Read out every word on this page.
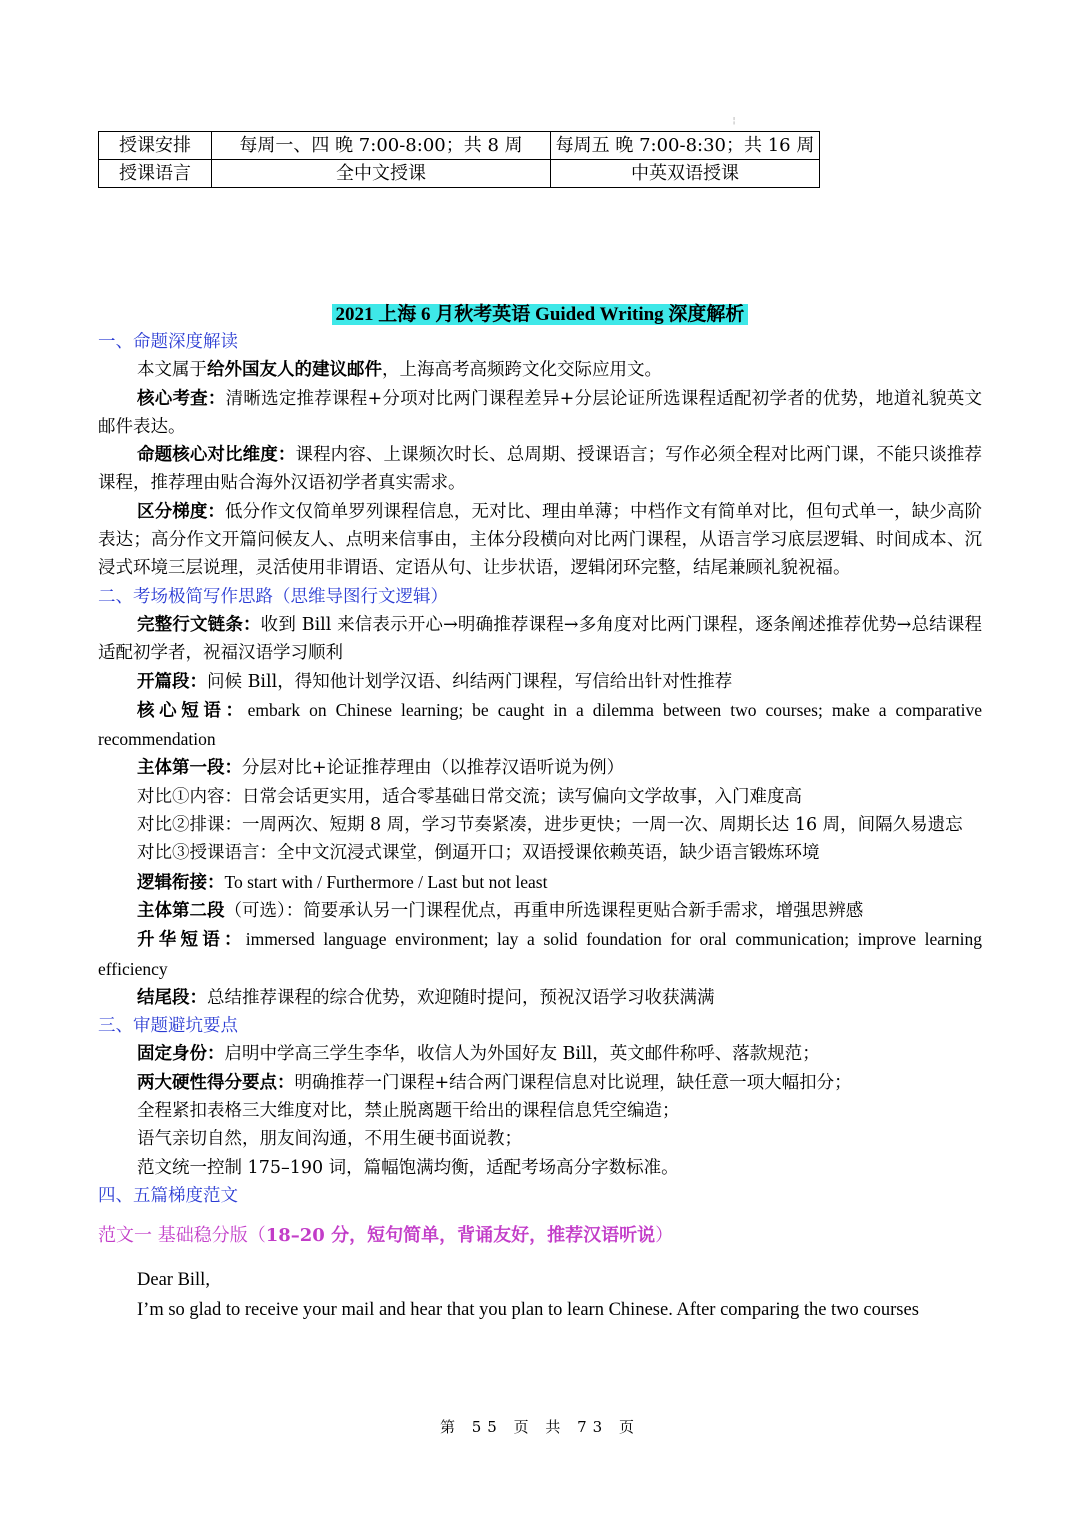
¦
授课安排	每周一、四 晚 7:00-8:00；共 8 周	每周五 晚 7:00-8:30；共 16 周
授课语言	全中文授课	中英双语授课
2021 上海 6 月秋考英语 Guided Writing 深度解析

一、命题深度解读

本文属于给外国友人的建议邮件，上海高考高频跨文化交际应用文。

核心考查：清晰选定推荐课程+分项对比两门课程差异+分层论证所选课程适配初学者的优势，地道礼貌英文邮件表达。

命题核心对比维度：课程内容、上课频次时长、总周期、授课语言；写作必须全程对比两门课，不能只谈推荐课程，推荐理由贴合海外汉语初学者真实需求。

区分梯度：低分作文仅简单罗列课程信息，无对比、理由单薄；中档作文有简单对比，但句式单一，缺少高阶表达；高分作文开篇问候友人、点明来信事由，主体分段横向对比两门课程，从语言学习底层逻辑、时间成本、沉浸式环境三层说理，灵活使用非谓语、定语从句、让步状语，逻辑闭环完整，结尾兼顾礼貌祝福。

二、考场极简写作思路（思维导图行文逻辑）

完整行文链条：收到 Bill 来信表示开心→明确推荐课程→多角度对比两门课程，逐条阐述推荐优势→总结课程适配初学者，祝福汉语学习顺利

开篇段：问候 Bill，得知他计划学汉语、纠结两门课程，写信给出针对性推荐

核心短语：embark on Chinese learning; be caught in a dilemma between two courses; make a comparative recommendation

主体第一段：分层对比+论证推荐理由（以推荐汉语听说为例）

对比①内容：日常会话更实用，适合零基础日常交流；读写偏向文学故事，入门难度高

对比②排课：一周两次、短期 8 周，学习节奏紧凑，进步更快；一周一次、周期长达 16 周，间隔久易遗忘

对比③授课语言：全中文沉浸式课堂，倒逼开口；双语授课依赖英语，缺少语言锻炼环境

逻辑衔接：To start with / Furthermore / Last but not least

主体第二段（可选）：简要承认另一门课程优点，再重申所选课程更贴合新手需求，增强思辨感

升华短语：immersed language environment; lay a solid foundation for oral communication; improve learning efficiency

结尾段：总结推荐课程的综合优势，欢迎随时提问，预祝汉语学习收获满满

三、审题避坑要点

固定身份：启明中学高三学生李华，收信人为外国好友 Bill，英文邮件称呼、落款规范；

两大硬性得分要点：明确推荐一门课程+结合两门课程信息对比说理，缺任意一项大幅扣分；

全程紧扣表格三大维度对比，禁止脱离题干给出的课程信息凭空编造；

语气亲切自然，朋友间沟通，不用生硬书面说教；

范文统一控制 175–190 词，篇幅饱满均衡，适配考场高分字数标准。

四、五篇梯度范文

范文一 基础稳分版（18–20 分，短句简单，背诵友好，推荐汉语听说）

Dear Bill,
I’m so glad to receive your mail and hear that you plan to learn Chinese. After comparing the two courses

第 55 页 共 73 页
